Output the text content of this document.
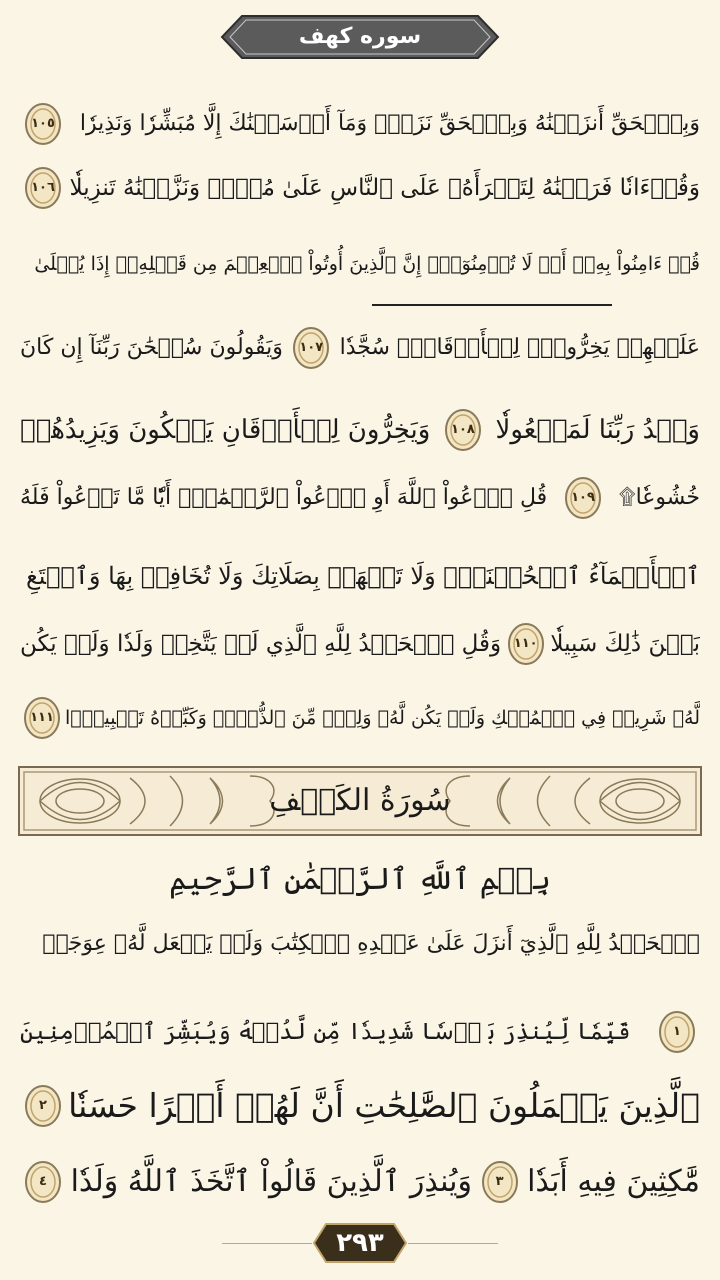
سوره کهف
وَبِٱلۡحَقِّ أَنزَلۡنَٰهُ وَبِٱلۡحَقِّ نَزَلَۗ وَمَآ أَرۡسَلۡنَٰكَ إِلَّا مُبَشِّرٗا وَنَذِيرٗا
١٠٥
وَقُرۡءَانٗا فَرَقۡنَٰهُ لِتَقۡرَأَهُۥ عَلَى ٱلنَّاسِ عَلَىٰ مُكۡثٖ وَنَزَّلۡنَٰهُ تَنزِيلٗا
١٠٦
قُلۡ ءَامِنُواْ بِهِۦٓ أَوۡ لَا تُؤۡمِنُوٓاْۚ إِنَّ ٱلَّذِينَ أُوتُواْ ٱلۡعِلۡمَ مِن قَبۡلِهِۦٓ إِذَا يُتۡلَىٰ
عَلَيۡهِمۡ يَخِرُّونَۤ لِلۡأَذۡقَانِۤ سُجَّدٗا
١٠٧
وَيَقُولُونَ سُبۡحَٰنَ رَبِّنَآ إِن كَانَ
وَعۡدُ رَبِّنَا لَمَفۡعُولٗا
١٠٨
وَيَخِرُّونَ لِلۡأَذۡقَانِ يَبۡكُونَ وَيَزِيدُهُمۡ
خُشُوعٗا۩
١٠٩
قُلِ ٱدۡعُواْ ٱللَّهَ أَوِ ٱدۡعُواْ ٱلرَّحۡمَٰنَۖ أَيّٗا مَّا تَدۡعُواْ فَلَهُ
ٱلۡأَسۡمَآءُ ٱلۡحُسۡنَىٰۚ وَلَا تَجۡهَرۡ بِصَلَاتِكَ وَلَا تُخَافِتۡ بِهَا وَٱبۡتَغِ
بَيۡنَ ذَٰلِكَ سَبِيلٗا
١١٠
وَقُلِ ٱلۡحَمۡدُ لِلَّهِ ٱلَّذِي لَمۡ يَتَّخِذۡ وَلَدٗا وَلَمۡ يَكُن
لَّهُۥ شَرِيكٞ فِي ٱلۡمُلۡكِ وَلَمۡ يَكُن لَّهُۥ وَلِيّٞ مِّنَ ٱلذُّلِّۖ وَكَبِّرۡهُ تَكۡبِيرَۢا
١١١
سُورَةُ الكَهۡفِ
بِسۡمِ ٱللَّهِ ٱلرَّحۡمَٰنِ ٱلرَّحِيمِ
ٱلۡحَمۡدُ لِلَّهِ ٱلَّذِيٓ أَنزَلَ عَلَىٰ عَبۡدِهِ ٱلۡكِتَٰبَ وَلَمۡ يَجۡعَل لَّهُۥ عِوَجَاۜ
١
قَيِّمٗا لِّيُنذِرَ بَأۡسٗا شَدِيدٗا مِّن لَّدُنۡهُ وَيُبَشِّرَ ٱلۡمُؤۡمِنِينَ
ٱلَّذِينَ يَعۡمَلُونَ ٱلصَّٰلِحَٰتِ أَنَّ لَهُمۡ أَجۡرًا حَسَنٗا
٢
مَّٰكِثِينَ فِيهِ أَبَدٗا
٣
وَيُنذِرَ ٱلَّذِينَ قَالُواْ ٱتَّخَذَ ٱللَّهُ وَلَدٗا
٤
٢٩٣
